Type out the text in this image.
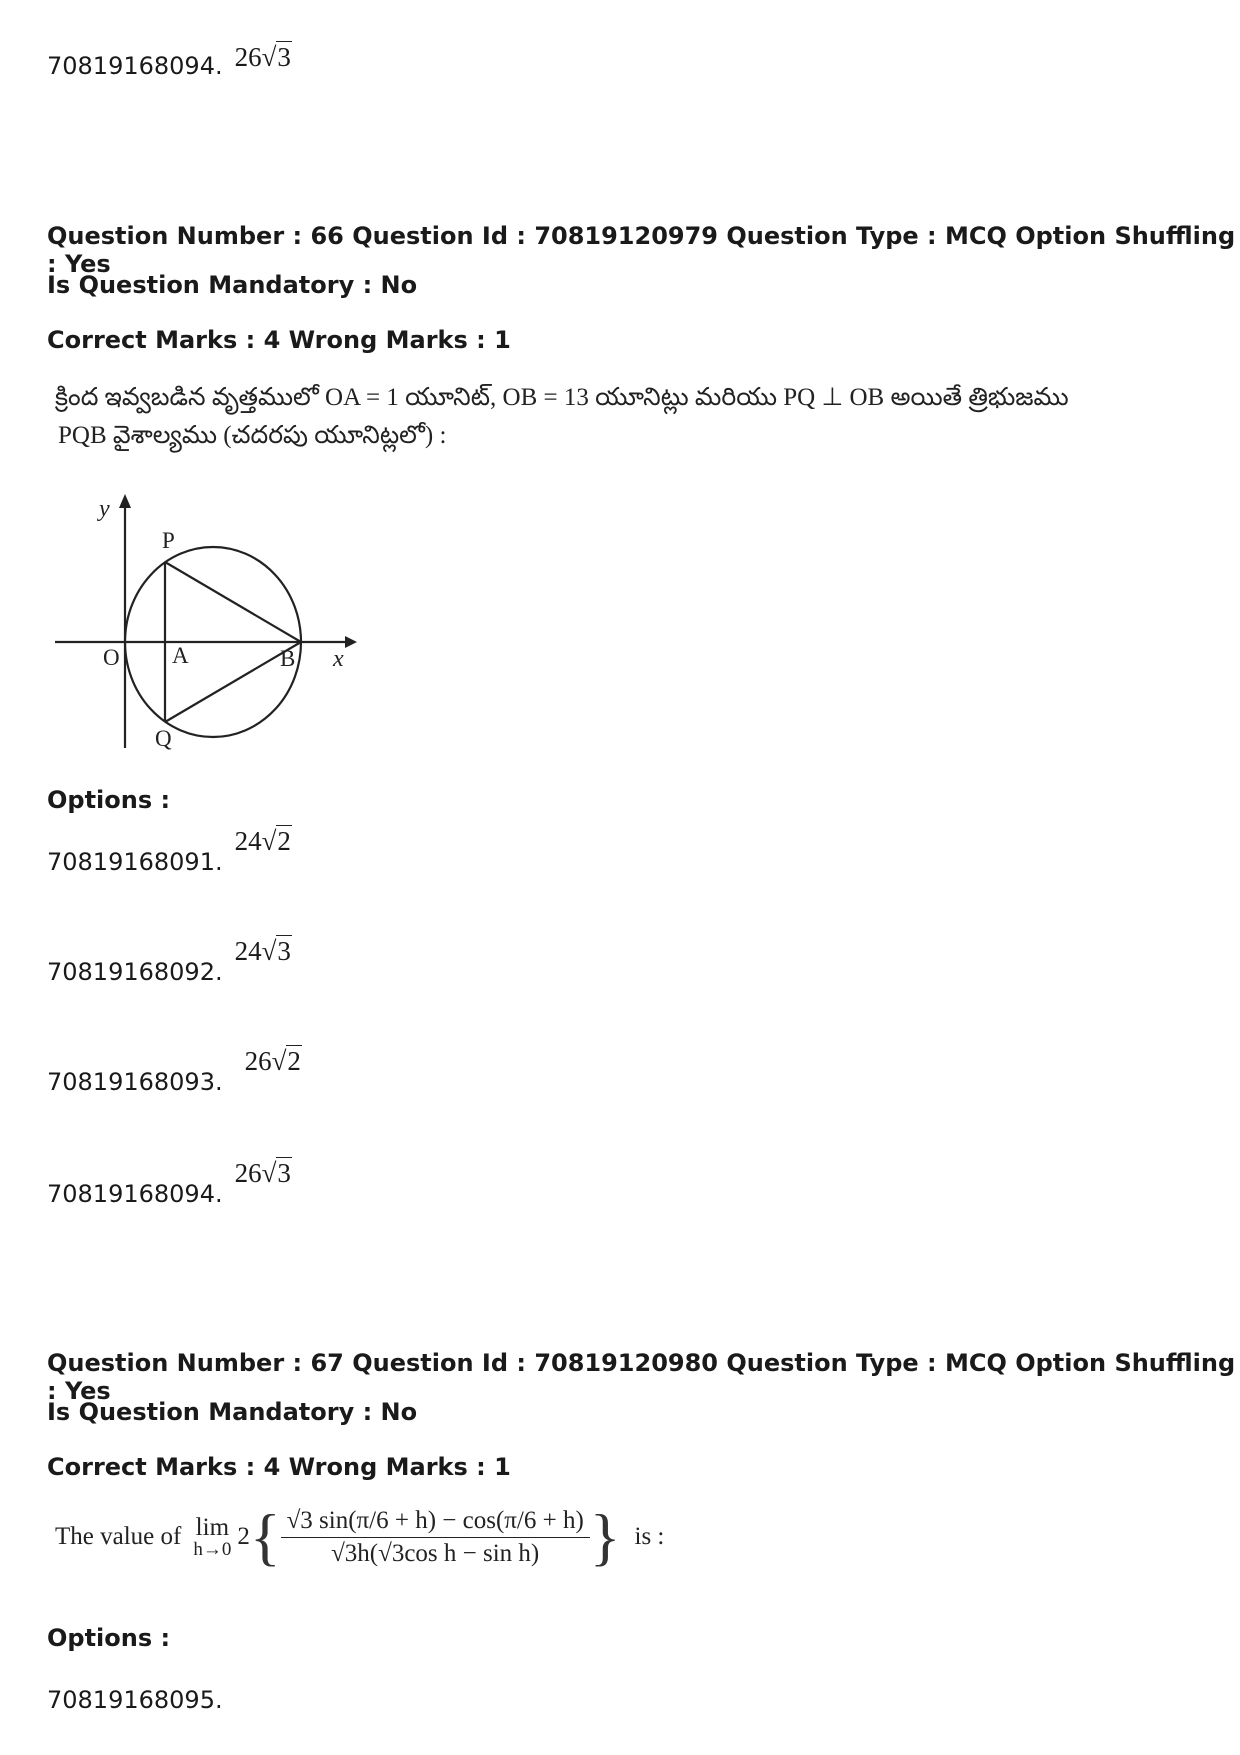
70819168094. 26√3
Question Number : 66 Question Id : 70819120979 Question Type : MCQ Option Shuffling : Yes
Is Question Mandatory : No
Correct Marks : 4 Wrong Marks : 1
క్రింద ఇవ్వబడిన వృత్తములో OA = 1 యూనిట్, OB = 13 యూనిట్లు మరియు PQ ⊥ OB అయితే త్రిభుజము
PQB వైశాల్యము (చదరపు యూనిట్లలో) :
y
P
O A	B x
Q
Options :
70819168091.
24√2
70819168092.
24√3
70819168093.
26√2
70819168094.
26√3
Question Number : 67 Question Id : 70819120980 Question Type : MCQ Option Shuffling : Yes
Is Question Mandatory : No
Correct Marks : 4 Wrong Marks : 1
The value of lim
h→0 2 { $\frac{√3 \sin(\pi/6 + h) - \cos(\pi/6 + h)}{\text{√3h(√3cos h − sin h)}}$ } is :
Options :
70819168095.
